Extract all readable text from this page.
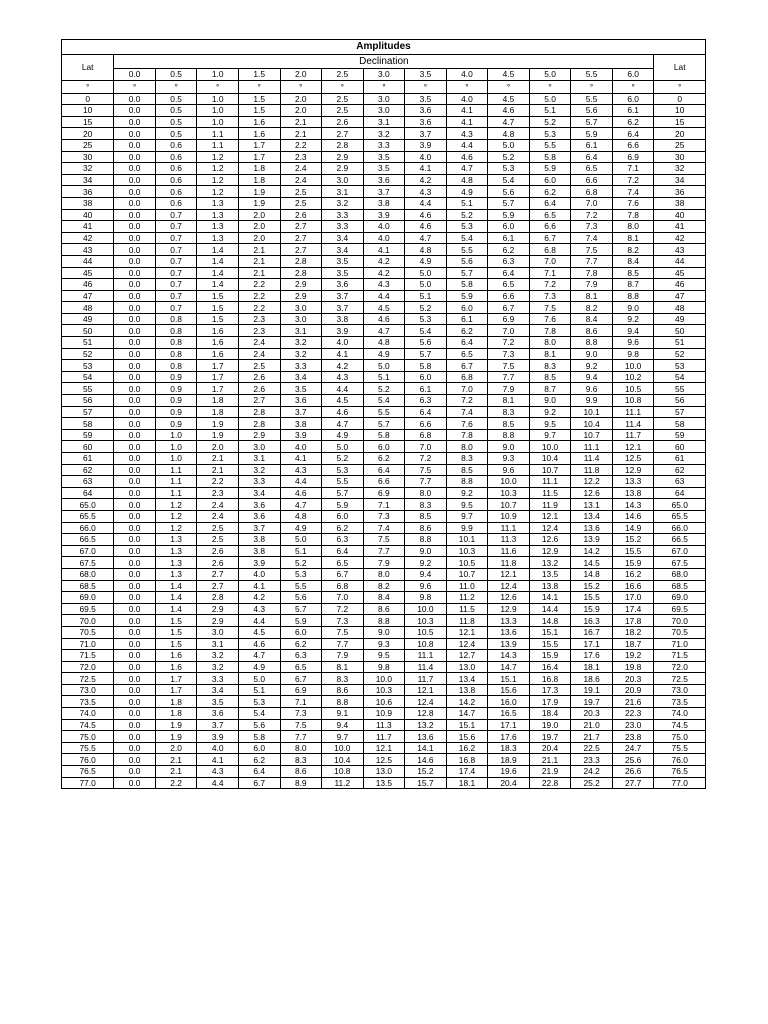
Amplitudes														
Lat	Declination													Lat
	0.0	0.5	1.0	1.5	2.0	2.5	3.0	3.5	4.0	4.5	5.0	5.5	6.0	
°	°	°	°	°	°	°	°	°	°	°	°	°	°	°
0	0.0	0.5	1.0	1.5	2.0	2.5	3.0	3.5	4.0	4.5	5.0	5.5	6.0	0
10	0.0	0.5	1.0	1.5	2.0	2.5	3.0	3.6	4.1	4.6	5.1	5.6	6.1	10
15	0.0	0.5	1.0	1.6	2.1	2.6	3.1	3.6	4.1	4.7	5.2	5.7	6.2	15
20	0.0	0.5	1.1	1.6	2.1	2.7	3.2	3.7	4.3	4.8	5.3	5.9	6.4	20
25	0.0	0.6	1.1	1.7	2.2	2.8	3.3	3.9	4.4	5.0	5.5	6.1	6.6	25
30	0.0	0.6	1.2	1.7	2.3	2.9	3.5	4.0	4.6	5.2	5.8	6.4	6.9	30
32	0.0	0.6	1.2	1.8	2.4	2.9	3.5	4.1	4.7	5.3	5.9	6.5	7.1	32
34	0.0	0.6	1.2	1.8	2.4	3.0	3.6	4.2	4.8	5.4	6.0	6.6	7.2	34
36	0.0	0.6	1.2	1.9	2.5	3.1	3.7	4.3	4.9	5.6	6.2	6.8	7.4	36
38	0.0	0.6	1.3	1.9	2.5	3.2	3.8	4.4	5.1	5.7	6.4	7.0	7.6	38
40	0.0	0.7	1.3	2.0	2.6	3.3	3.9	4.6	5.2	5.9	6.5	7.2	7.8	40
41	0.0	0.7	1.3	2.0	2.7	3.3	4.0	4.6	5.3	6.0	6.6	7.3	8.0	41
42	0.0	0.7	1.3	2.0	2.7	3.4	4.0	4.7	5.4	6.1	6.7	7.4	8.1	42
43	0.0	0.7	1.4	2.1	2.7	3.4	4.1	4.8	5.5	6.2	6.8	7.5	8.2	43
44	0.0	0.7	1.4	2.1	2.8	3.5	4.2	4.9	5.6	6.3	7.0	7.7	8.4	44
45	0.0	0.7	1.4	2.1	2.8	3.5	4.2	5.0	5.7	6.4	7.1	7.8	8.5	45
46	0.0	0.7	1.4	2.2	2.9	3.6	4.3	5.0	5.8	6.5	7.2	7.9	8.7	46
47	0.0	0.7	1.5	2.2	2.9	3.7	4.4	5.1	5.9	6.6	7.3	8.1	8.8	47
48	0.0	0.7	1.5	2.2	3.0	3.7	4.5	5.2	6.0	6.7	7.5	8.2	9.0	48
49	0.0	0.8	1.5	2.3	3.0	3.8	4.6	5.3	6.1	6.9	7.6	8.4	9.2	49
50	0.0	0.8	1.6	2.3	3.1	3.9	4.7	5.4	6.2	7.0	7.8	8.6	9.4	50
51	0.0	0.8	1.6	2.4	3.2	4.0	4.8	5.6	6.4	7.2	8.0	8.8	9.6	51
52	0.0	0.8	1.6	2.4	3.2	4.1	4.9	5.7	6.5	7.3	8.1	9.0	9.8	52
53	0.0	0.8	1.7	2.5	3.3	4.2	5.0	5.8	6.7	7.5	8.3	9.2	10.0	53
54	0.0	0.9	1.7	2.6	3.4	4.3	5.1	6.0	6.8	7.7	8.5	9.4	10.2	54
55	0.0	0.9	1.7	2.6	3.5	4.4	5.2	6.1	7.0	7.9	8.7	9.6	10.5	55
56	0.0	0.9	1.8	2.7	3.6	4.5	5.4	6.3	7.2	8.1	9.0	9.9	10.8	56
57	0.0	0.9	1.8	2.8	3.7	4.6	5.5	6.4	7.4	8.3	9.2	10.1	11.1	57
58	0.0	0.9	1.9	2.8	3.8	4.7	5.7	6.6	7.6	8.5	9.5	10.4	11.4	58
59	0.0	1.0	1.9	2.9	3.9	4.9	5.8	6.8	7.8	8.8	9.7	10.7	11.7	59
60	0.0	1.0	2.0	3.0	4.0	5.0	6.0	7.0	8.0	9.0	10.0	11.1	12.1	60
61	0.0	1.0	2.1	3.1	4.1	5.2	6.2	7.2	8.3	9.3	10.4	11.4	12.5	61
62	0.0	1.1	2.1	3.2	4.3	5.3	6.4	7.5	8.5	9.6	10.7	11.8	12.9	62
63	0.0	1.1	2.2	3.3	4.4	5.5	6.6	7.7	8.8	10.0	11.1	12.2	13.3	63
64	0.0	1.1	2.3	3.4	4.6	5.7	6.9	8.0	9.2	10.3	11.5	12.6	13.8	64
65.0	0.0	1.2	2.4	3.6	4.7	5.9	7.1	8.3	9.5	10.7	11.9	13.1	14.3	65.0
65.5	0.0	1.2	2.4	3.6	4.8	6.0	7.3	8.5	9.7	10.9	12.1	13.4	14.6	65.5
66.0	0.0	1.2	2.5	3.7	4.9	6.2	7.4	8.6	9.9	11.1	12.4	13.6	14.9	66.0
66.5	0.0	1.3	2.5	3.8	5.0	6.3	7.5	8.8	10.1	11.3	12.6	13.9	15.2	66.5
67.0	0.0	1.3	2.6	3.8	5.1	6.4	7.7	9.0	10.3	11.6	12.9	14.2	15.5	67.0
67.5	0.0	1.3	2.6	3.9	5.2	6.5	7.9	9.2	10.5	11.8	13.2	14.5	15.9	67.5
68.0	0.0	1.3	2.7	4.0	5.3	6.7	8.0	9.4	10.7	12.1	13.5	14.8	16.2	68.0
68.5	0.0	1.4	2.7	4.1	5.5	6.8	8.2	9.6	11.0	12.4	13.8	15.2	16.6	68.5
69.0	0.0	1.4	2.8	4.2	5.6	7.0	8.4	9.8	11.2	12.6	14.1	15.5	17.0	69.0
69.5	0.0	1.4	2.9	4.3	5.7	7.2	8.6	10.0	11.5	12.9	14.4	15.9	17.4	69.5
70.0	0.0	1.5	2.9	4.4	5.9	7.3	8.8	10.3	11.8	13.3	14.8	16.3	17.8	70.0
70.5	0.0	1.5	3.0	4.5	6.0	7.5	9.0	10.5	12.1	13.6	15.1	16.7	18.2	70.5
71.0	0.0	1.5	3.1	4.6	6.2	7.7	9.3	10.8	12.4	13.9	15.5	17.1	18.7	71.0
71.5	0.0	1.6	3.2	4.7	6.3	7.9	9.5	11.1	12.7	14.3	15.9	17.6	19.2	71.5
72.0	0.0	1.6	3.2	4.9	6.5	8.1	9.8	11.4	13.0	14.7	16.4	18.1	19.8	72.0
72.5	0.0	1.7	3.3	5.0	6.7	8.3	10.0	11.7	13.4	15.1	16.8	18.6	20.3	72.5
73.0	0.0	1.7	3.4	5.1	6.9	8.6	10.3	12.1	13.8	15.6	17.3	19.1	20.9	73.0
73.5	0.0	1.8	3.5	5.3	7.1	8.8	10.6	12.4	14.2	16.0	17.9	19.7	21.6	73.5
74.0	0.0	1.8	3.6	5.4	7.3	9.1	10.9	12.8	14.7	16.5	18.4	20.3	22.3	74.0
74.5	0.0	1.9	3.7	5.6	7.5	9.4	11.3	13.2	15.1	17.1	19.0	21.0	23.0	74.5
75.0	0.0	1.9	3.9	5.8	7.7	9.7	11.7	13.6	15.6	17.6	19.7	21.7	23.8	75.0
75.5	0.0	2.0	4.0	6.0	8.0	10.0	12.1	14.1	16.2	18.3	20.4	22.5	24.7	75.5
76.0	0.0	2.1	4.1	6.2	8.3	10.4	12.5	14.6	16.8	18.9	21.1	23.3	25.6	76.0
76.5	0.0	2.1	4.3	6.4	8.6	10.8	13.0	15.2	17.4	19.6	21.9	24.2	26.6	76.5
77.0	0.0	2.2	4.4	6.7	8.9	11.2	13.5	15.7	18.1	20.4	22.8	25.2	27.7	77.0
